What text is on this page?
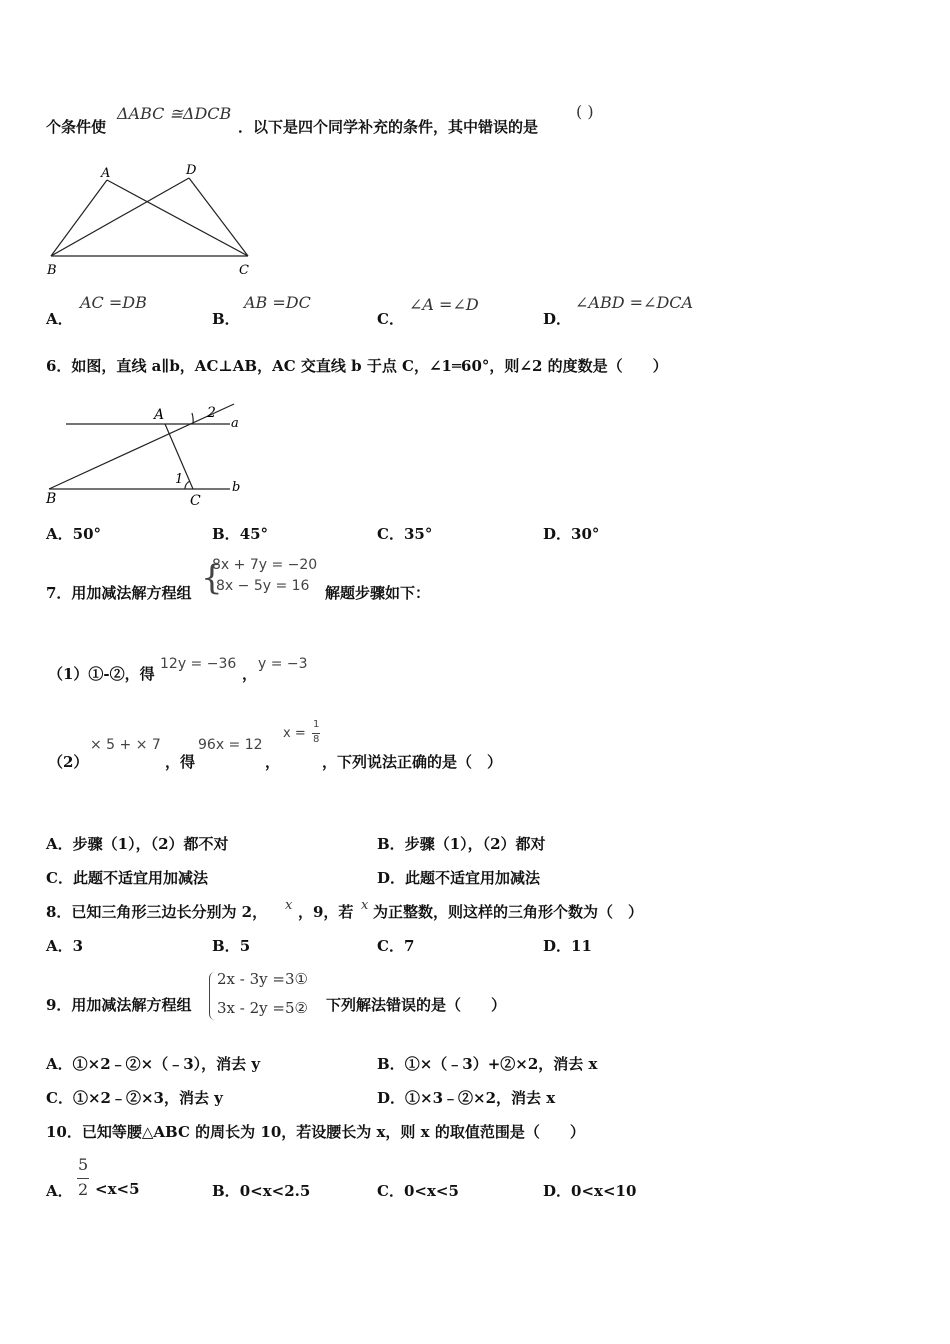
个条件使
ΔABC ≅ΔDCB
．以下是四个同学补充的条件，其中错误的是
( )
A	D
B	C
A．
AC =DB
B．
AB =DC
C．
∠A =∠D
D．
∠ABD =∠DCA
6．如图，直线 a∥b，AC⊥AB，AC 交直线 b 于点 C，∠1═60°，则∠2 的度数是（　　）
A	2
a
B
1
C
b
A．50°	B．45°	C．35°	D．30°
7．用加减法解方程组 {
8x + 7y = −20
8x − 5y = 16 解题步骤如下：
（1）①-②，得
12y = −36
，
y = −3
（2）
× 5 + × 7
，得
96x = 12
，
x =
1
8
，下列说法正确的是（　）
A．步骤（1），（2）都不对	B．步骤（1），（2）都对
C．此题不适宜用加减法	D．此题不适宜用加减法
8．已知三角形三边长分别为 2， x ，9，若 x 为正整数，则这样的三角形个数为（　）
A．3	B．5	C．7	D．11
9．用加减法解方程组
2x - 3y =3①
3x - 2y =5② 下列解法错误的是（　　）
A．①×2﹣②×（﹣3），消去 y	B．①×（﹣3）+②×2，消去 x
C．①×2﹣②×3，消去 y	D．①×3﹣②×2，消去 x
10．已知等腰△ABC 的周长为 10，若设腰长为 x，则 x 的取值范围是（　　）
A．
5
2 <x<5	B．0<x<2.5	C．0<x<5	D．0<x<10
